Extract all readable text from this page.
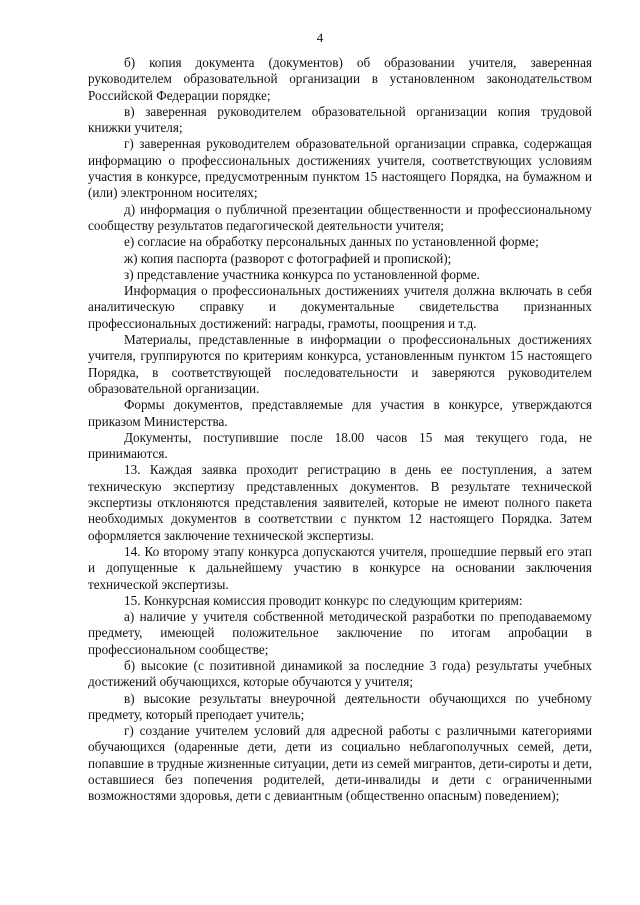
4

б) копия документа (документов) об образовании учителя, заверенная руководителем образовательной организации в установленном законодательством Российской Федерации порядке;

в) заверенная руководителем образовательной организации копия трудовой книжки учителя;

г) заверенная руководителем образовательной организации справка, содержащая информацию о профессиональных достижениях учителя, соответствующих условиям участия в конкурсе, предусмотренным пунктом 15 настоящего Порядка, на бумажном и (или) электронном носителях;

д) информация о публичной презентации общественности и профессиональному сообществу результатов педагогической деятельности учителя;

е) согласие на обработку персональных данных по установленной форме;

ж) копия паспорта (разворот с фотографией и пропиской);

з) представление участника конкурса по установленной форме.

Информация о профессиональных достижениях учителя должна включать в себя аналитическую справку и документальные свидетельства признанных профессиональных достижений: награды, грамоты, поощрения и т.д.

Материалы, представленные в информации о профессиональных достижениях учителя, группируются по критериям конкурса, установленным пунктом 15 настоящего Порядка, в соответствующей последовательности и заверяются руководителем образовательной организации.

Формы документов, представляемые для участия в конкурсе, утверждаются приказом Министерства.

Документы, поступившие после 18.00 часов 15 мая текущего года, не принимаются.

13. Каждая заявка проходит регистрацию в день ее поступления, а затем техническую экспертизу представленных документов. В результате технической экспертизы отклоняются представления заявителей, которые не имеют полного пакета необходимых документов в соответствии с пунктом 12 настоящего Порядка. Затем оформляется заключение технической экспертизы.

14. Ко второму этапу конкурса допускаются учителя, прошедшие первый его этап и допущенные к дальнейшему участию в конкурсе на основании заключения технической экспертизы.

15. Конкурсная комиссия проводит конкурс по следующим критериям:

а) наличие у учителя собственной методической разработки по преподаваемому предмету, имеющей положительное заключение по итогам апробации в профессиональном сообществе;

б) высокие (с позитивной динамикой за последние 3 года) результаты учебных достижений обучающихся, которые обучаются у учителя;

в) высокие результаты внеурочной деятельности обучающихся по учебному предмету, который преподает учитель;

г) создание учителем условий для адресной работы с различными категориями обучающихся (одаренные дети, дети из социально неблагополучных семей, дети, попавшие в трудные жизненные ситуации, дети из семей мигрантов, дети-сироты и дети, оставшиеся без попечения родителей, дети-инвалиды и дети с ограниченными возможностями здоровья, дети с девиантным (общественно опасным) поведением);
